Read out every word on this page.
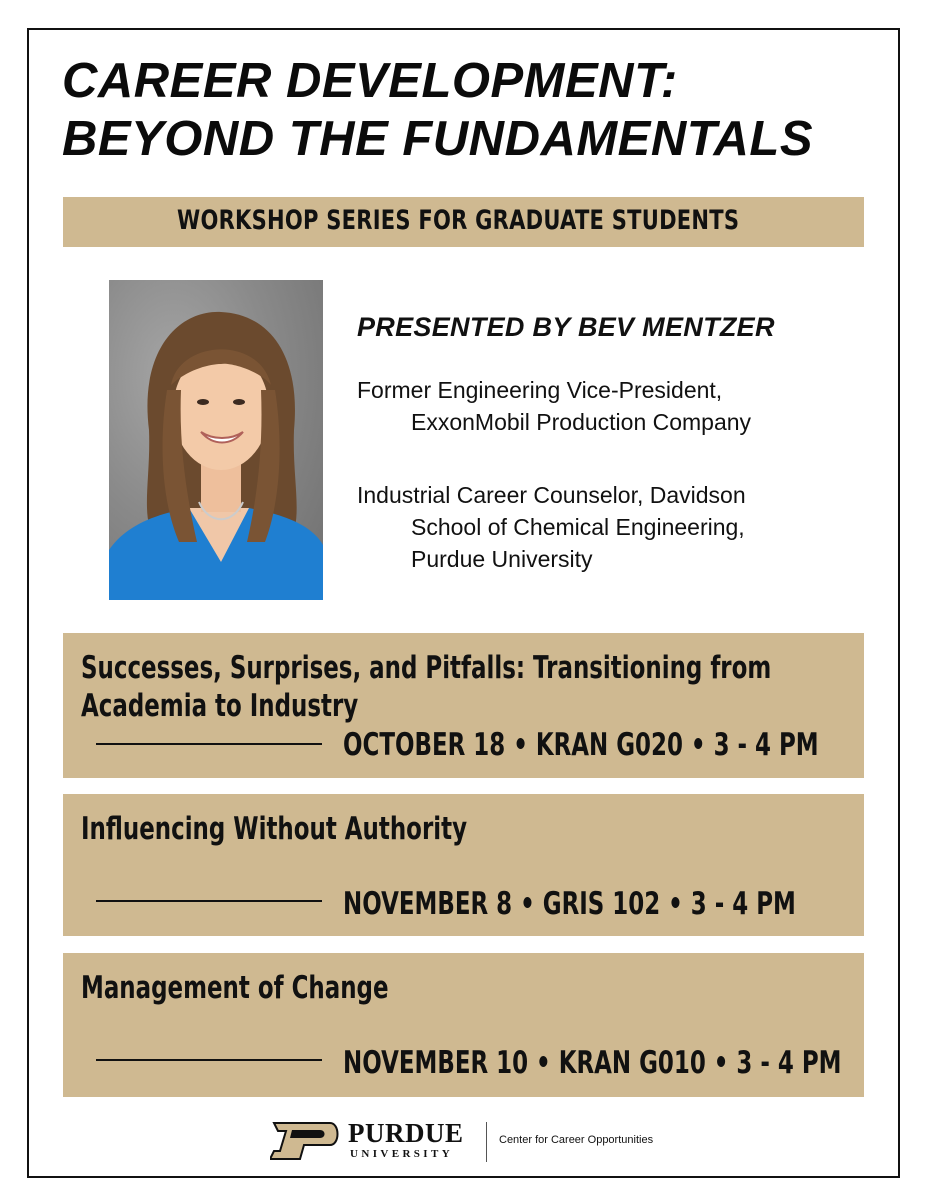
CAREER DEVELOPMENT:
BEYOND THE FUNDAMENTALS
WORKSHOP SERIES FOR GRADUATE STUDENTS
PRESENTED BY BEV MENTZER
Former Engineering Vice-President,
ExxonMobil Production Company
Industrial Career Counselor, Davidson
School of Chemical Engineering,
Purdue University
Successes, Surprises, and Pitfalls: Transitioning from
Academia to Industry
OCTOBER 18 • KRAN G020 • 3 - 4 PM
Influencing Without Authority
NOVEMBER 8 • GRIS 102 • 3 - 4 PM
Management of Change
NOVEMBER 10 • KRAN G010 • 3 - 4 PM
PURDUE
UNIVERSITY
Center for Career Opportunities
